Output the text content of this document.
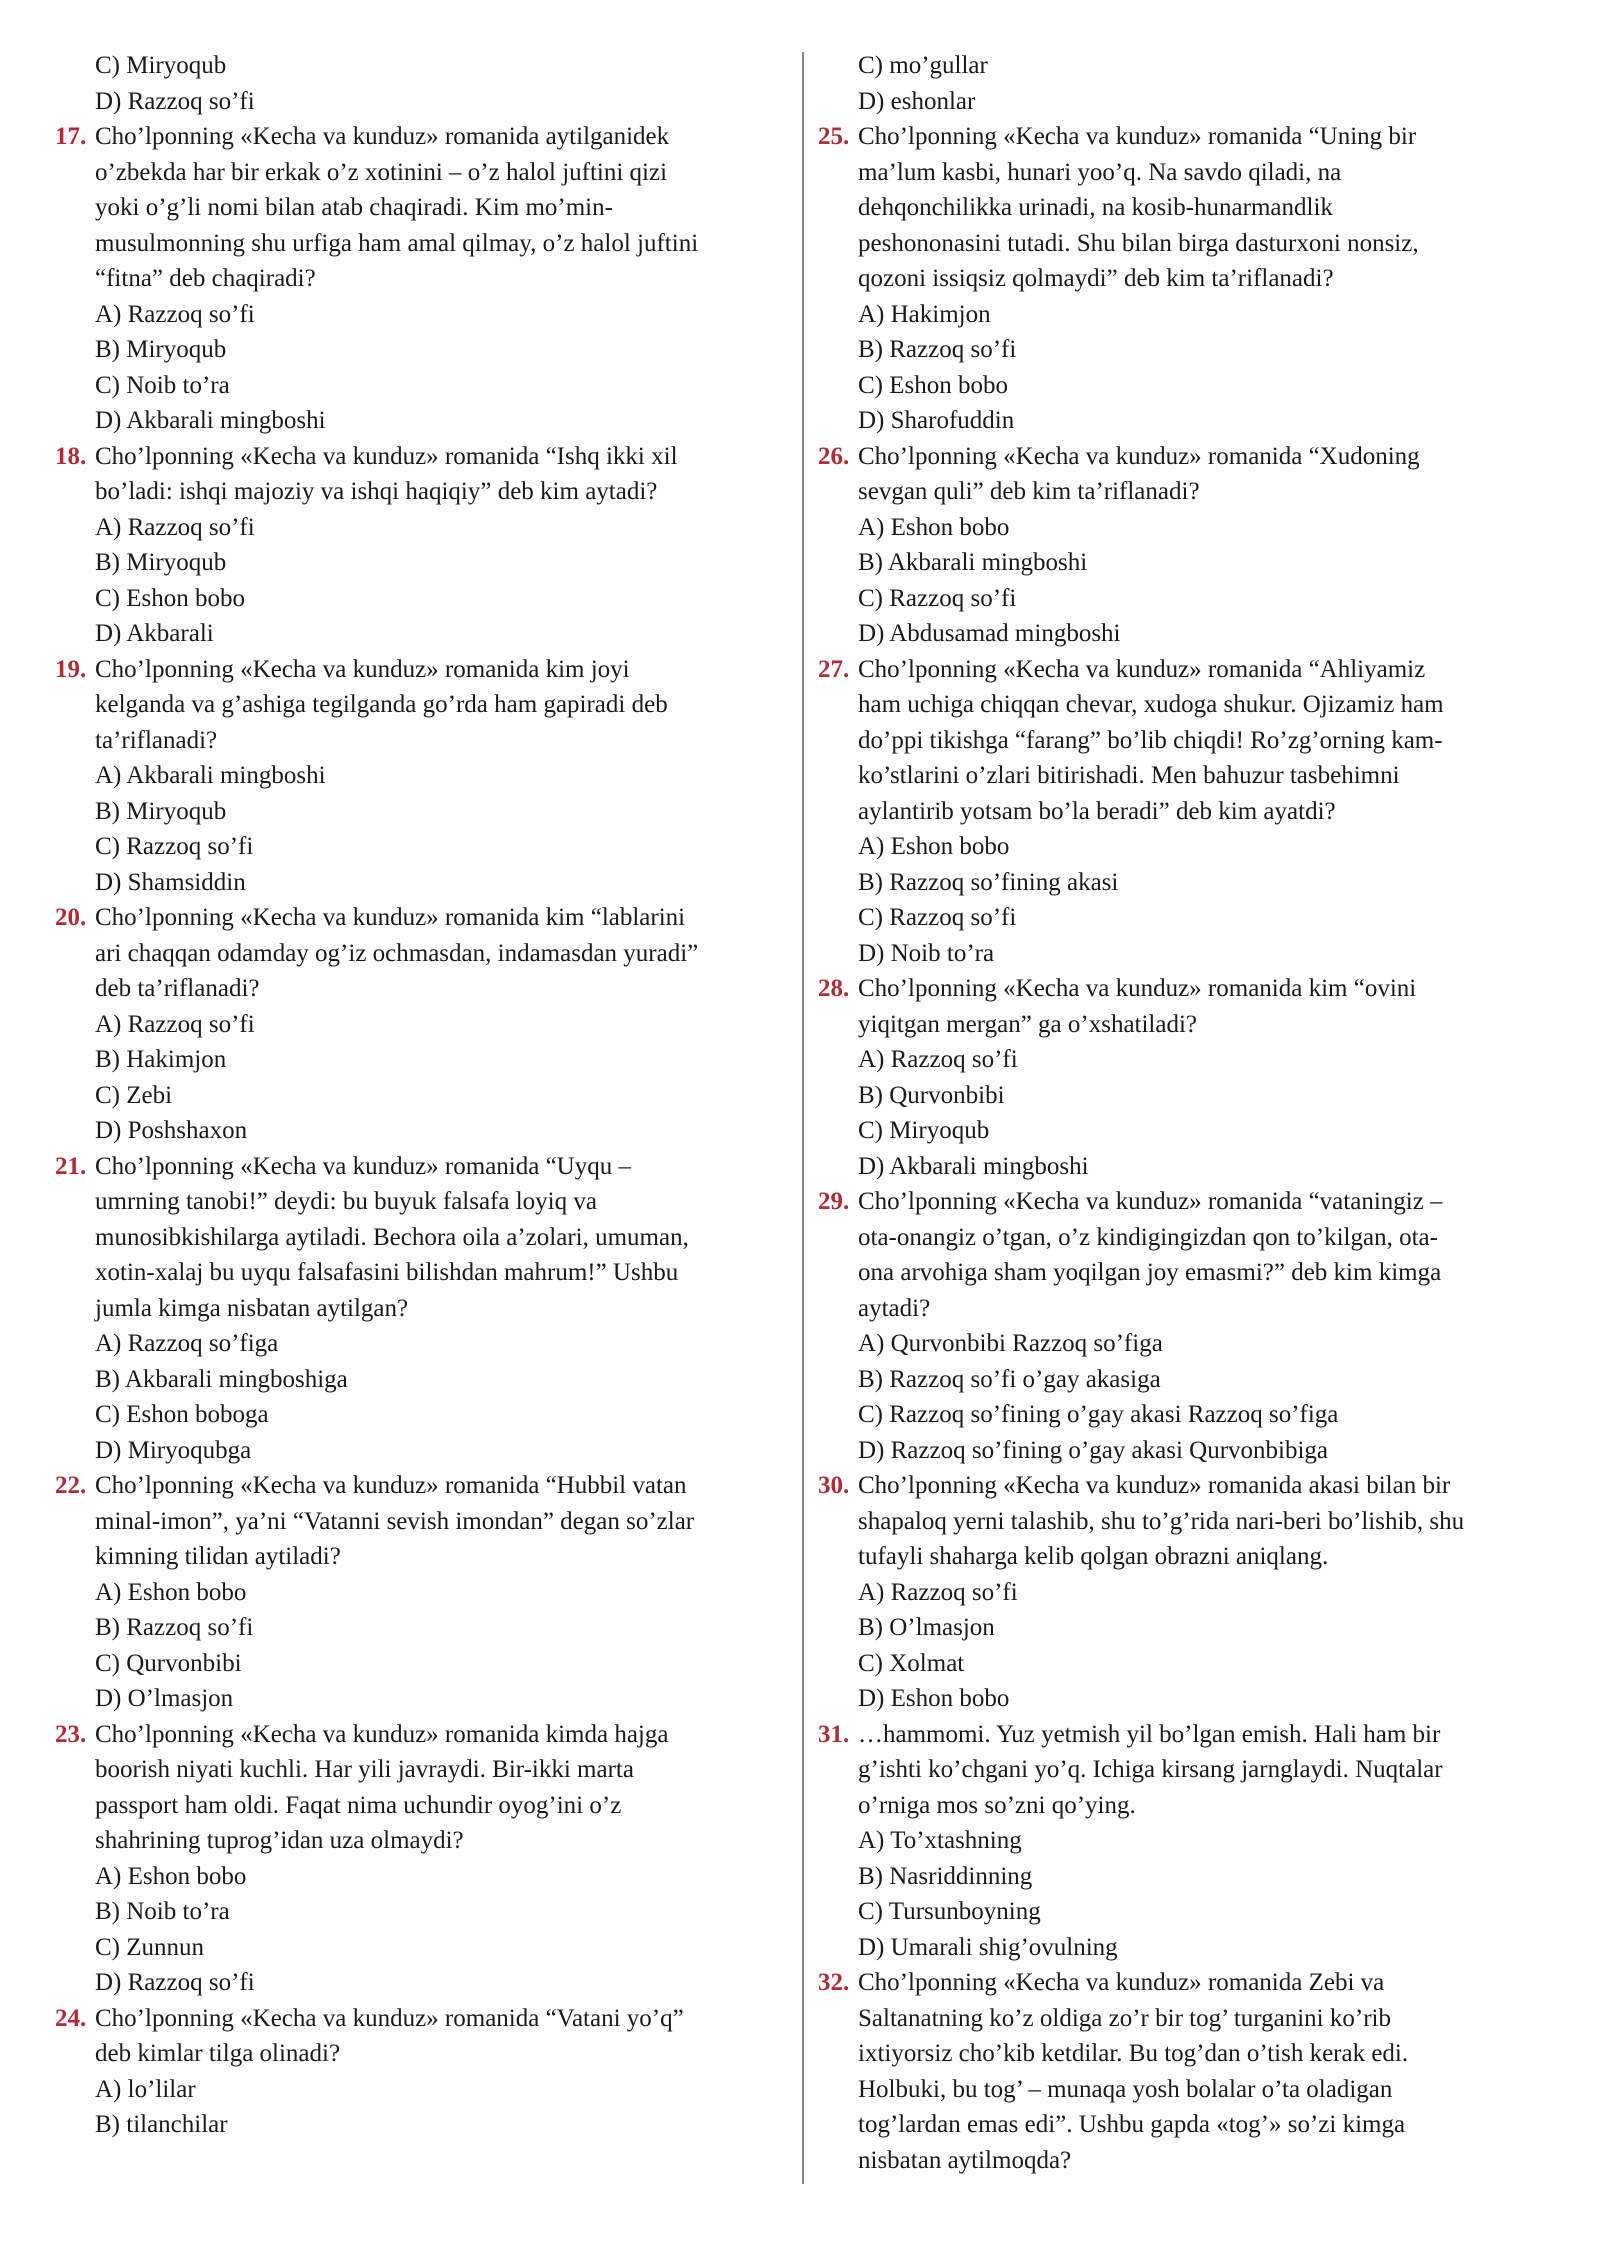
C) Miryoqub
D) Razzoq so’fi
17. Cho’lponning «Kecha va kunduz» romanida aytilganidek
o’zbekda har bir erkak o’z xotinini – o’z halol juftini qizi
yoki o’g’li nomi bilan atab chaqiradi. Kim mo’min-
musulmonning shu urfiga ham amal qilmay, o’z halol juftini
“fitna” deb chaqiradi?
A) Razzoq so’fi
B) Miryoqub
C) Noib to’ra
D) Akbarali mingboshi
18. Cho’lponning «Kecha va kunduz» romanida “Ishq ikki xil
bo’ladi: ishqi majoziy va ishqi haqiqiy” deb kim aytadi?
A) Razzoq so’fi
B) Miryoqub
C) Eshon bobo
D) Akbarali
19. Cho’lponning «Kecha va kunduz» romanida kim joyi
kelganda va g’ashiga tegilganda go’rda ham gapiradi deb
ta’riflanadi?
A) Akbarali mingboshi
B) Miryoqub
C) Razzoq so’fi
D) Shamsiddin
20. Cho’lponning «Kecha va kunduz» romanida kim “lablarini
ari chaqqan odamday og’iz ochmasdan, indamasdan yuradi”
deb ta’riflanadi?
A) Razzoq so’fi
B) Hakimjon
C) Zebi
D) Poshshaxon
21. Cho’lponning «Kecha va kunduz» romanida “Uyqu –
umrning tanobi!” deydi: bu buyuk falsafa loyiq va
munosibkishilarga aytiladi. Bechora oila a’zolari, umuman,
xotin-xalaj bu uyqu falsafasini bilishdan mahrum!” Ushbu
jumla kimga nisbatan aytilgan?
A) Razzoq so’figa
B) Akbarali mingboshiga
C) Eshon boboga
D) Miryoqubga
22. Cho’lponning «Kecha va kunduz» romanida “Hubbil vatan
minal-imon”, ya’ni “Vatanni sevish imondan” degan so’zlar
kimning tilidan aytiladi?
A) Eshon bobo
B) Razzoq so’fi
C) Qurvonbibi
D) O’lmasjon
23. Cho’lponning «Kecha va kunduz» romanida kimda hajga
boorish niyati kuchli. Har yili javraydi. Bir-ikki marta
passport ham oldi. Faqat nima uchundir oyog’ini o’z
shahrining tuprog’idan uza olmaydi?
A) Eshon bobo
B) Noib to’ra
C) Zunnun
D) Razzoq so’fi
24. Cho’lponning «Kecha va kunduz» romanida “Vatani yo’q”
deb kimlar tilga olinadi?
A) lo’lilar
B) tilanchilar
C) mo’gullar
D) eshonlar
25. Cho’lponning «Kecha va kunduz» romanida “Uning bir
ma’lum kasbi, hunari yoo’q. Na savdo qiladi, na
dehqonchilikka urinadi, na kosib-hunarmandlik
peshononasini tutadi. Shu bilan birga dasturxoni nonsiz,
qozoni issiqsiz qolmaydi” deb kim ta’riflanadi?
A) Hakimjon
B) Razzoq so’fi
C) Eshon bobo
D) Sharofuddin
26. Cho’lponning «Kecha va kunduz» romanida “Xudoning
sevgan quli” deb kim ta’riflanadi?
A) Eshon bobo
B) Akbarali mingboshi
C) Razzoq so’fi
D) Abdusamad mingboshi
27. Cho’lponning «Kecha va kunduz» romanida “Ahliyamiz
ham uchiga chiqqan chevar, xudoga shukur. Ojizamiz ham
do’ppi tikishga “farang” bo’lib chiqdi! Ro’zg’orning kam-
ko’stlarini o’zlari bitirishadi. Men bahuzur tasbehimni
aylantirib yotsam bo’la beradi” deb kim ayatdi?
A) Eshon bobo
B) Razzoq so’fining akasi
C) Razzoq so’fi
D) Noib to’ra
28. Cho’lponning «Kecha va kunduz» romanida kim “ovini
yiqitgan mergan” ga o’xshatiladi?
A) Razzoq so’fi
B) Qurvonbibi
C) Miryoqub
D) Akbarali mingboshi
29. Cho’lponning «Kecha va kunduz» romanida “vataningiz –
ota-onangiz o’tgan, o’z kindigingizdan qon to’kilgan, ota-
ona arvohiga sham yoqilgan joy emasmi?” deb kim kimga
aytadi?
A) Qurvonbibi Razzoq so’figa
B) Razzoq so’fi o’gay akasiga
C) Razzoq so’fining o’gay akasi Razzoq so’figa
D) Razzoq so’fining o’gay akasi Qurvonbibiga
30. Cho’lponning «Kecha va kunduz» romanida akasi bilan bir
shapaloq yerni talashib, shu to’g’rida nari-beri bo’lishib, shu
tufayli shaharga kelib qolgan obrazni aniqlang.
A) Razzoq so’fi
B) O’lmasjon
C) Xolmat
D) Eshon bobo
31. …hammomi. Yuz yetmish yil bo’lgan emish. Hali ham bir
g’ishti ko’chgani yo’q. Ichiga kirsang jarnglaydi. Nuqtalar
o’rniga mos so’zni qo’ying.
A) To’xtashning
B) Nasriddinning
C) Tursunboyning
D) Umarali shig’ovulning
32. Cho’lponning «Kecha va kunduz» romanida Zebi va
Saltanatning ko’z oldiga zo’r bir tog’ turganini ko’rib
ixtiyorsiz cho’kib ketdilar. Bu tog’dan o’tish kerak edi.
Holbuki, bu tog’ – munaqa yosh bolalar o’ta oladigan
tog’lardan emas edi”. Ushbu gapda «tog’» so’zi kimga
nisbatan aytilmoqda?
